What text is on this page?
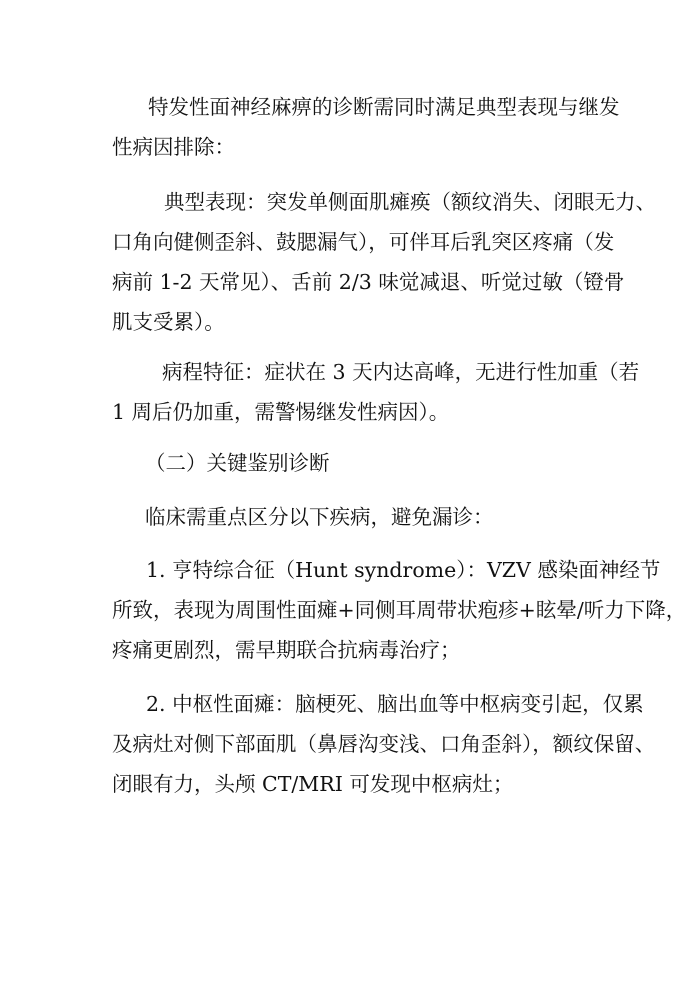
特发性面神经麻痹的诊断需同时满足典型表现与继发
性病因排除：
典型表现：突发单侧面肌瘫痪（额纹消失、闭眼无力、
口角向健侧歪斜、鼓腮漏气），可伴耳后乳突区疼痛（发
病前 1-2 天常见）、舌前 2/3 味觉减退、听觉过敏（镫骨
肌支受累）。
病程特征：症状在 3 天内达高峰，无进行性加重（若
1 周后仍加重，需警惕继发性病因）。
（二）关键鉴别诊断
临床需重点区分以下疾病，避免漏诊：
1. 亨特综合征（Hunt syndrome）：VZV 感染面神经节
所致，表现为周围性面瘫+同侧耳周带状疱疹+眩晕/听力下降，
疼痛更剧烈，需早期联合抗病毒治疗；
2. 中枢性面瘫：脑梗死、脑出血等中枢病变引起，仅累
及病灶对侧下部面肌（鼻唇沟变浅、口角歪斜），额纹保留、
闭眼有力，头颅 CT/MRI 可发现中枢病灶；
